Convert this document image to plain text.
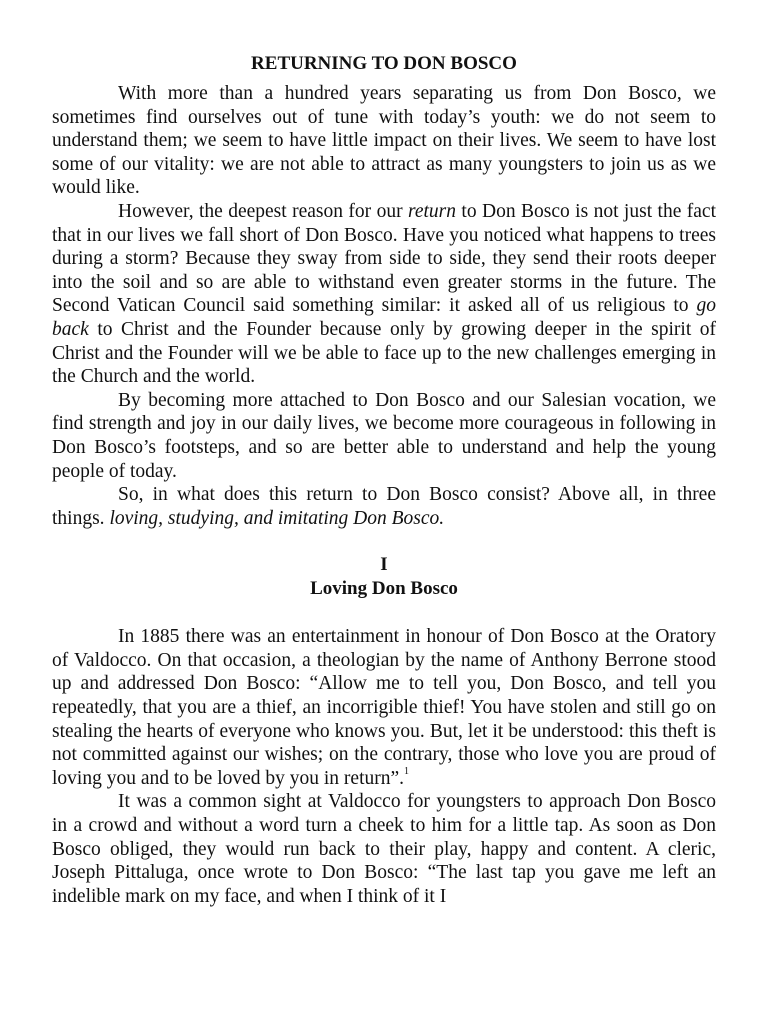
RETURNING TO DON BOSCO

With more than a hundred years separating us from Don Bosco, we sometimes find ourselves out of tune with today’s youth: we do not seem to understand them; we seem to have little impact on their lives. We seem to have lost some of our vitality: we are not able to attract as many youngsters to join us as we would like.

However, the deepest reason for our return to Don Bosco is not just the fact that in our lives we fall short of Don Bosco. Have you noticed what happens to trees during a storm? Because they sway from side to side, they send their roots deeper into the soil and so are able to withstand even greater storms in the future. The Second Vatican Council said something similar: it asked all of us religious to go back to Christ and the Founder because only by growing deeper in the spirit of Christ and the Founder will we be able to face up to the new challenges emerging in the Church and the world.

By becoming more attached to Don Bosco and our Salesian vocation, we find strength and joy in our daily lives, we become more courageous in following in Don Bosco’s footsteps, and so are better able to understand and help the young people of today.

So, in what does this return to Don Bosco consist? Above all, in three things. loving, studying, and imitating Don Bosco.

I
Loving Don Bosco

In 1885 there was an entertainment in honour of Don Bosco at the Oratory of Valdocco. On that occasion, a theologian by the name of Anthony Berrone stood up and addressed Don Bosco: “Allow me to tell you, Don Bosco, and tell you repeatedly, that you are a thief, an incorrigible thief! You have stolen and still go on stealing the hearts of everyone who knows you. But, let it be understood: this theft is not committed against our wishes; on the contrary, those who love you are proud of loving you and to be loved by you in return”.$^1$

It was a common sight at Valdocco for youngsters to approach Don Bosco in a crowd and without a word turn a cheek to him for a little tap. As soon as Don Bosco obliged, they would run back to their play, happy and content. A cleric, Joseph Pittaluga, once wrote to Don Bosco: “The last tap you gave me left an indelible mark on my face, and when I think of it I
